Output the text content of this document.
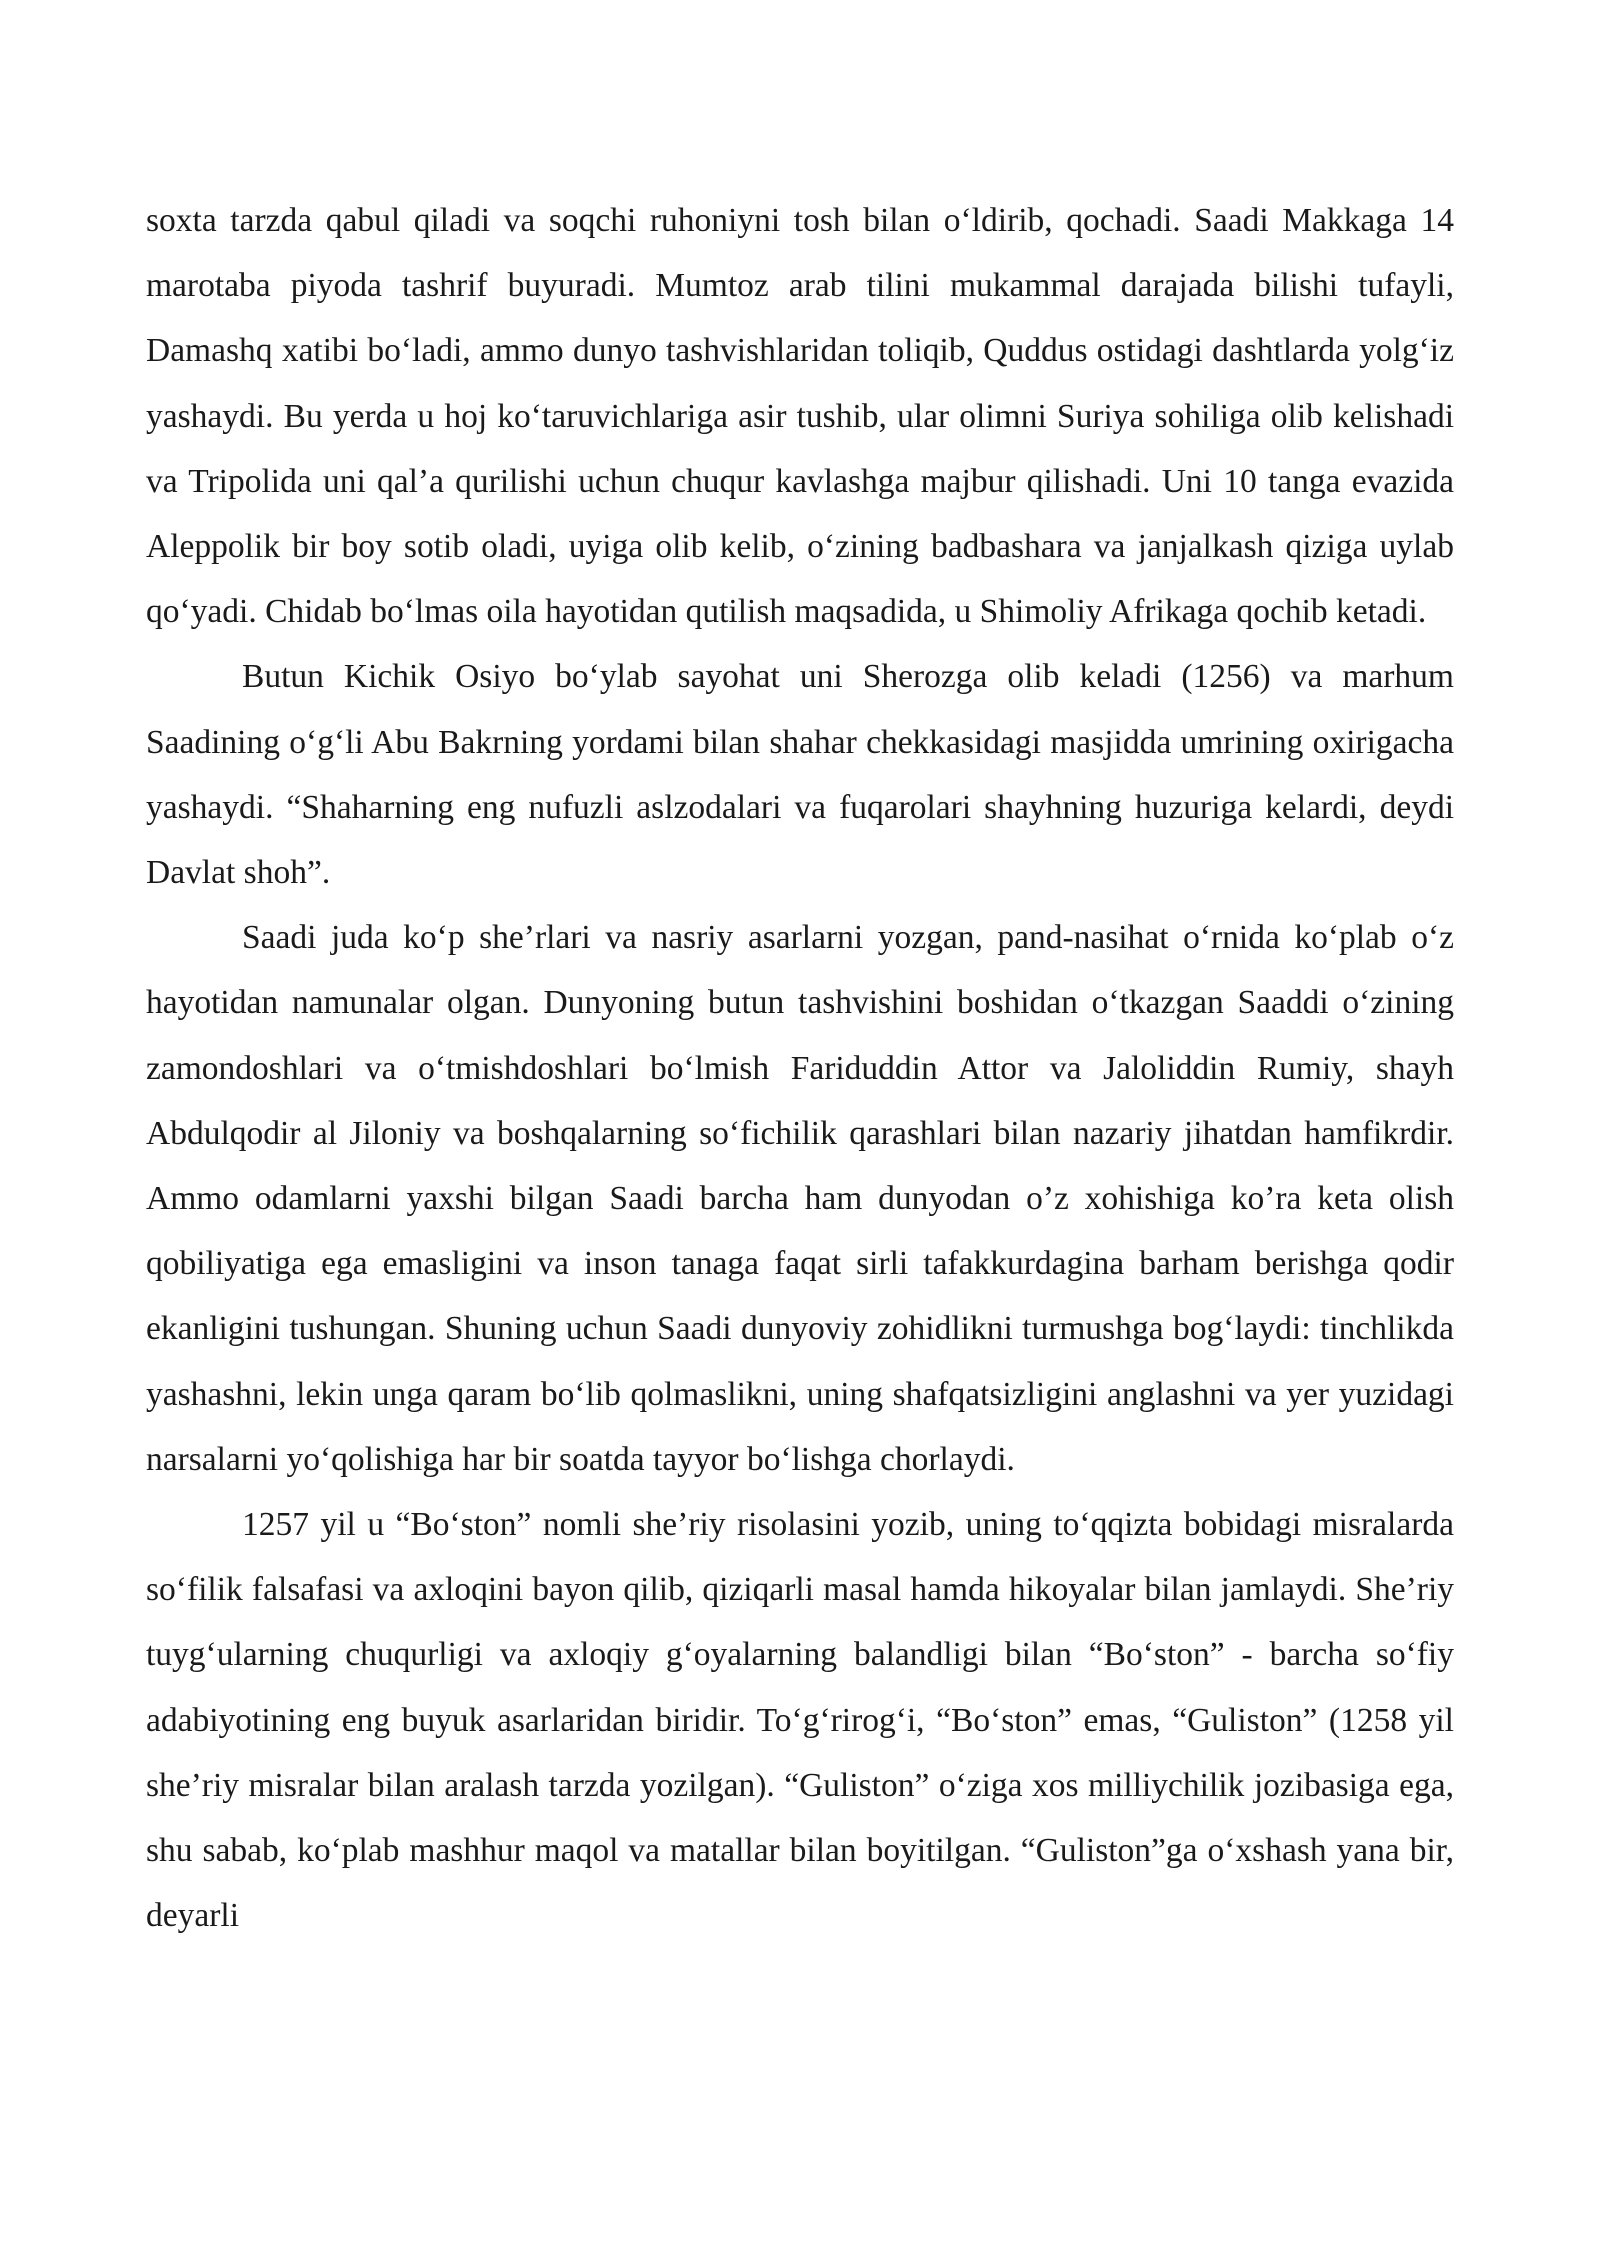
soxta tarzda qabul qiladi va soqchi ruhoniyni tosh bilan o‘ldirib, qochadi. Saadi Makkaga 14 marotaba piyoda tashrif buyuradi. Mumtoz arab tilini mukammal darajada bilishi tufayli, Damashq xatibi bo‘ladi, ammo dunyo tashvishlaridan toliqib, Quddus ostidagi dashtlarda yolg‘iz yashaydi. Bu yerda u hoj ko‘taruvichlariga asir tushib, ular olimni Suriya sohiliga olib kelishadi va Tripolida uni qal’a qurilishi uchun chuqur kavlashga majbur qilishadi. Uni 10 tanga evazida Aleppolik bir boy sotib oladi, uyiga olib kelib, o‘zining badbashara va janjalkash qiziga uylab qo‘yadi. Chidab bo‘lmas oila hayotidan qutilish maqsadida, u Shimoliy Afrikaga qochib ketadi.

Butun Kichik Osiyo bo‘ylab sayohat uni Sherozga olib keladi (1256) va marhum Saadining o‘g‘li Abu Bakrning yordami bilan shahar chekkasidagi masjidda umrining oxirigacha yashaydi. “Shaharning eng nufuzli aslzodalari va fuqarolari shayhning huzuriga kelardi, deydi Davlat shoh”.

Saadi juda ko‘p she’rlari va nasriy asarlarni yozgan, pand-nasihat o‘rnida ko‘plab o‘z hayotidan namunalar olgan. Dunyoning butun tashvishini boshidan o‘tkazgan Saaddi o‘zining zamondoshlari va o‘tmishdoshlari bo‘lmish Fariduddin Attor va Jaloliddin Rumiy, shayh Abdulqodir al Jiloniy va boshqalarning so‘fichilik qarashlari bilan nazariy jihatdan hamfikrdir. Ammo odamlarni yaxshi bilgan Saadi barcha ham dunyodan o’z xohishiga ko’ra keta olish qobiliyatiga ega emasligini va inson tanaga faqat sirli tafakkurdagina barham berishga qodir ekanligini tushungan. Shuning uchun Saadi dunyoviy zohidlikni turmushga bog‘laydi: tinchlikda yashashni, lekin unga qaram bo‘lib qolmaslikni, uning shafqatsizligini anglashni va yer yuzidagi narsalarni yo‘qolishiga har bir soatda tayyor bo‘lishga chorlaydi.

1257 yil u “Bo‘ston” nomli she’riy risolasini yozib, uning to‘qqizta bobidagi misralarda so‘filik falsafasi va axloqini bayon qilib, qiziqarli masal hamda hikoyalar bilan jamlaydi. She’riy tuyg‘ularning chuqurligi va axloqiy g‘oyalarning balandligi bilan “Bo‘ston” - barcha so‘fiy adabiyotining eng buyuk asarlaridan biridir. To‘g‘rirog‘i, “Bo‘ston” emas, “Guliston” (1258 yil she’riy misralar bilan aralash tarzda yozilgan). “Guliston” o‘ziga xos milliychilik jozibasiga ega, shu sabab, ko‘plab mashhur maqol va matallar bilan boyitilgan. “Guliston”ga o‘xshash yana bir, deyarli
